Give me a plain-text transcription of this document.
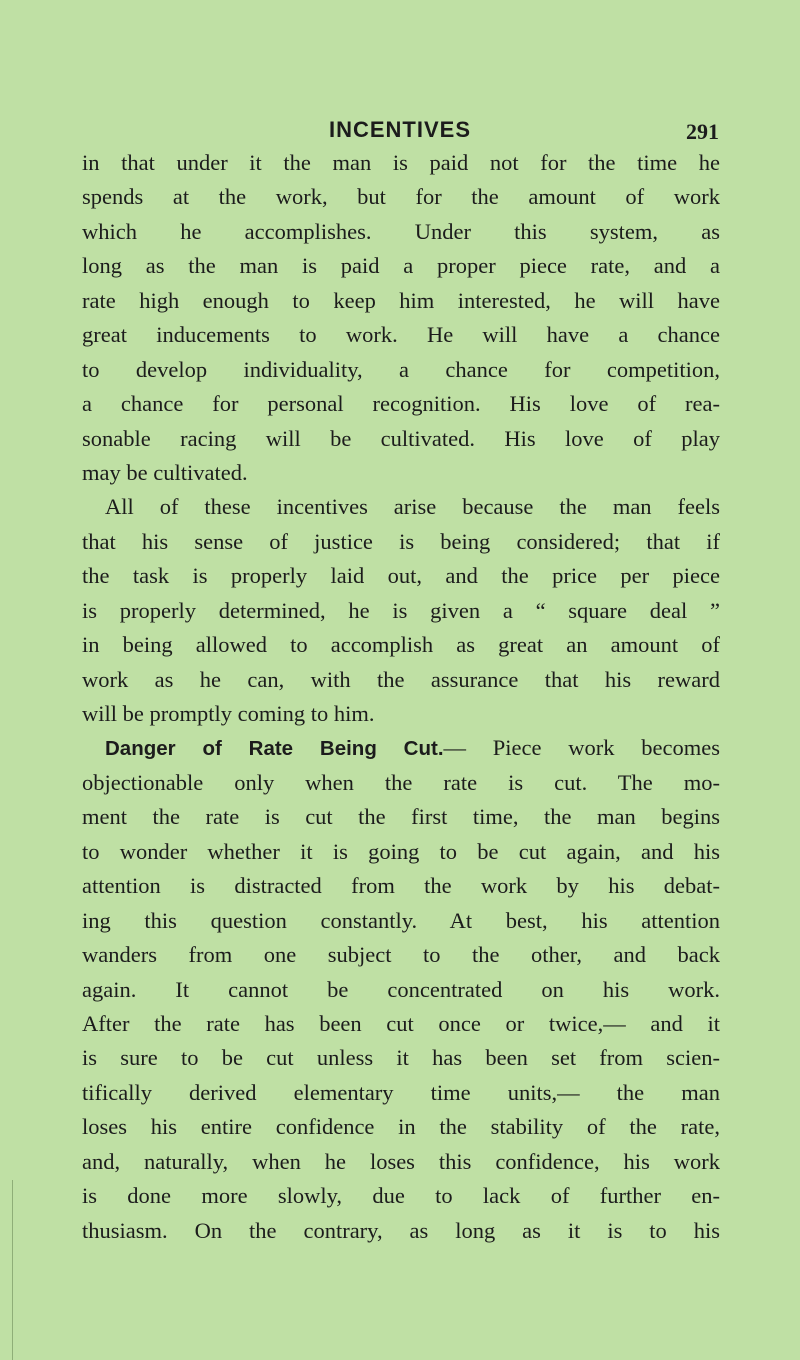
INCENTIVES	291
in that under it the man is paid not for the time he
spends at the work, but for the amount of work
which he accomplishes. Under this system, as
long as the man is paid a proper piece rate, and a
rate high enough to keep him interested, he will have
great inducements to work. He will have a chance
to develop individuality, a chance for competition,
a chance for personal recognition. His love of rea-
sonable racing will be cultivated. His love of play
may be cultivated.
All of these incentives arise because the man feels
that his sense of justice is being considered; that if
the task is properly laid out, and the price per piece
is properly determined, he is given a “ square deal ”
in being allowed to accomplish as great an amount of
work as he can, with the assurance that his reward
will be promptly coming to him.
Danger of Rate Being Cut.— Piece work becomes
objectionable only when the rate is cut. The mo-
ment the rate is cut the first time, the man begins
to wonder whether it is going to be cut again, and his
attention is distracted from the work by his debat-
ing this question constantly. At best, his attention
wanders from one subject to the other, and back
again. It cannot be concentrated on his work.
After the rate has been cut once or twice,— and it
is sure to be cut unless it has been set from scien-
tifically derived elementary time units,— the man
loses his entire confidence in the stability of the rate,
and, naturally, when he loses this confidence, his work
is done more slowly, due to lack of further en-
thusiasm. On the contrary, as long as it is to his
